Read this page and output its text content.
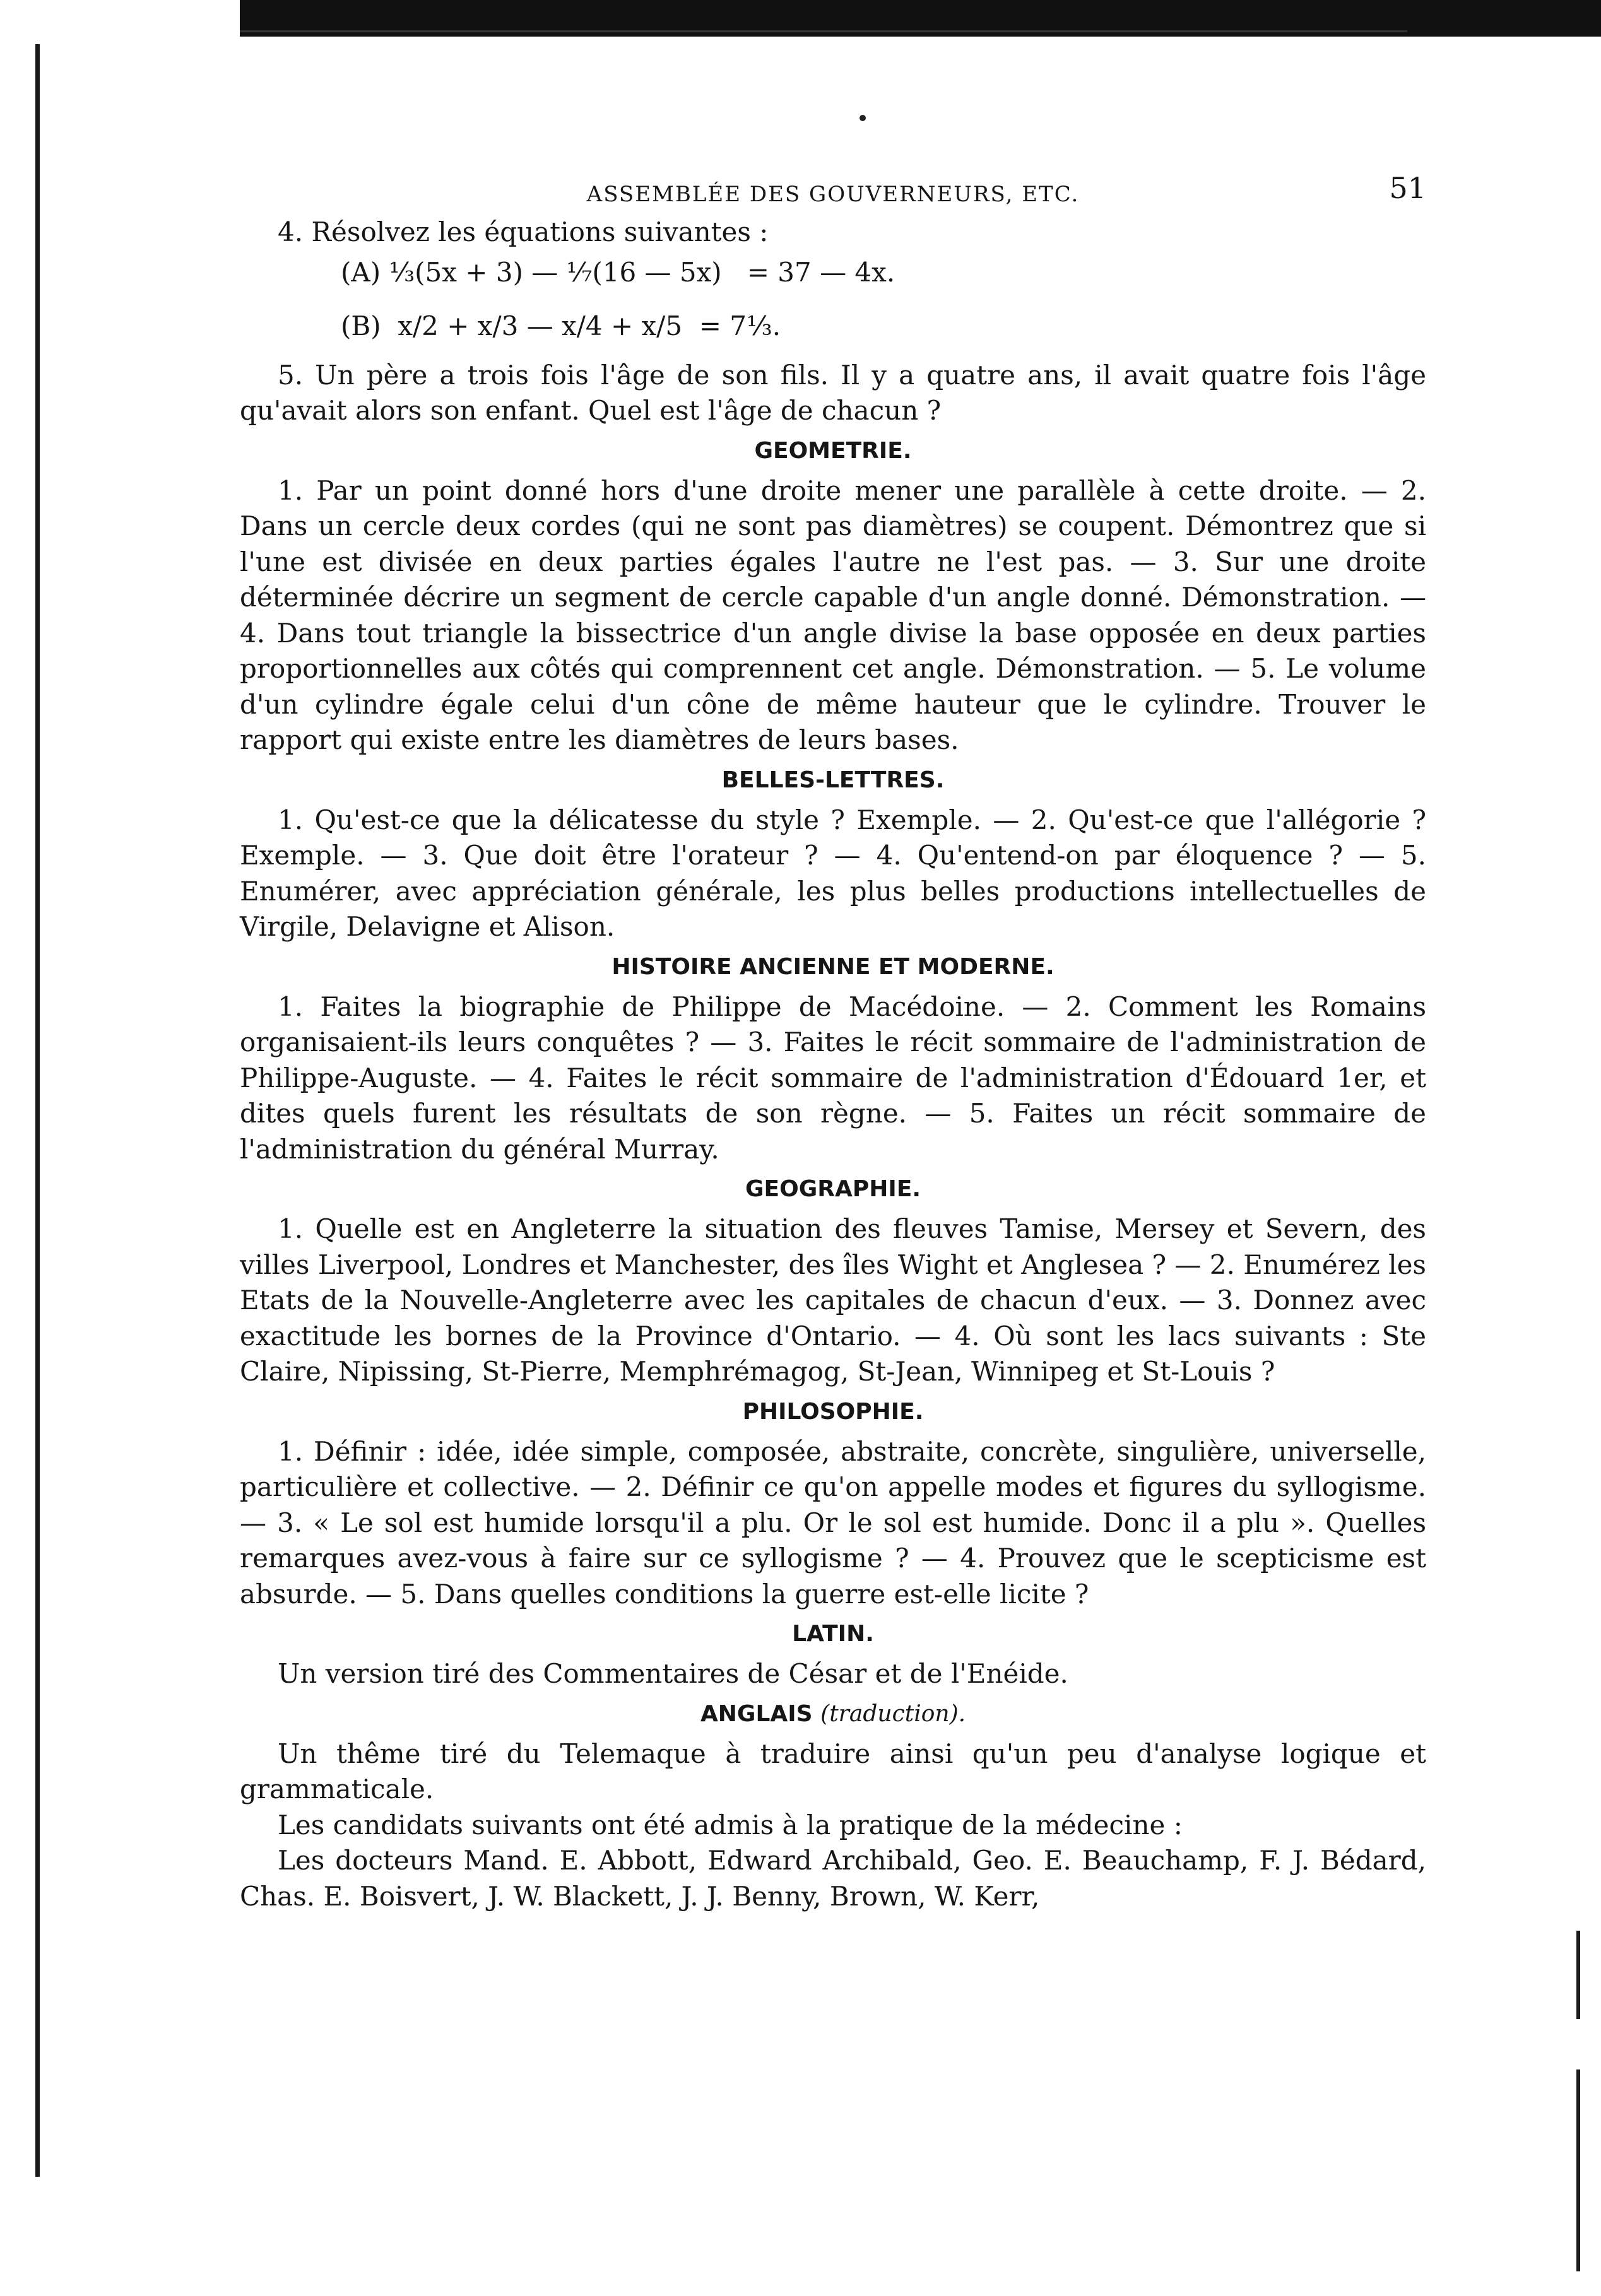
ASSEMBLÉE DES GOUVERNEURS, ETC.	51

4. Résolvez les équations suivantes :

(A) ⅓(5x + 3) — ⅐(16 — 5x)   = 37 — 4x.
(B)  x/2 + x/3 — x/4 + x/5  = 7⅓.

5. Un père a trois fois l'âge de son fils. Il y a quatre ans, il avait quatre fois l'âge qu'avait alors son enfant. Quel est l'âge de chacun ?

GEOMETRIE.

1. Par un point donné hors d'une droite mener une parallèle à cette droite. — 2. Dans un cercle deux cordes (qui ne sont pas diamètres) se coupent. Démontrez que si l'une est divisée en deux parties égales l'autre ne l'est pas. — 3. Sur une droite déterminée décrire un segment de cercle capable d'un angle donné. Démonstration. — 4. Dans tout triangle la bissectrice d'un angle divise la base opposée en deux parties proportionnelles aux côtés qui comprennent cet angle. Démonstration. — 5. Le volume d'un cylindre égale celui d'un cône de même hauteur que le cylindre. Trouver le rapport qui existe entre les diamètres de leurs bases.

BELLES-LETTRES.

1. Qu'est-ce que la délicatesse du style ? Exemple. — 2. Qu'est-ce que l'allégorie ? Exemple. — 3. Que doit être l'orateur ? — 4. Qu'entend-on par éloquence ? — 5. Enumérer, avec appréciation générale, les plus belles productions intellectuelles de Virgile, Delavigne et Alison.

HISTOIRE ANCIENNE ET MODERNE.

1. Faites la biographie de Philippe de Macédoine. — 2. Comment les Romains organisaient-ils leurs conquêtes ? — 3. Faites le récit sommaire de l'administration de Philippe-Auguste. — 4. Faites le récit sommaire de l'administration d'Édouard 1er, et dites quels furent les résultats de son règne. — 5. Faites un récit sommaire de l'administration du général Murray.

GEOGRAPHIE.

1. Quelle est en Angleterre la situation des fleuves Tamise, Mersey et Severn, des villes Liverpool, Londres et Manchester, des îles Wight et Anglesea ? — 2. Enumérez les Etats de la Nouvelle-Angleterre avec les capitales de chacun d'eux. — 3. Donnez avec exactitude les bornes de la Province d'Ontario. — 4. Où sont les lacs suivants : Ste Claire, Nipissing, St-Pierre, Memphrémagog, St-Jean, Winnipeg et St-Louis ?

PHILOSOPHIE.

1. Définir : idée, idée simple, composée, abstraite, concrète, singulière, universelle, particulière et collective. — 2. Définir ce qu'on appelle modes et figures du syllogisme. — 3. « Le sol est humide lorsqu'il a plu. Or le sol est humide. Donc il a plu ». Quelles remarques avez-vous à faire sur ce syllogisme ? — 4. Prouvez que le scepticisme est absurde. — 5. Dans quelles conditions la guerre est-elle licite ?

LATIN.

Un version tiré des Commentaires de César et de l'Enéide.

ANGLAIS (traduction).

Un thême tiré du Telemaque à traduire ainsi qu'un peu d'analyse logique et grammaticale.

Les candidats suivants ont été admis à la pratique de la médecine :

Les docteurs Mand. E. Abbott, Edward Archibald, Geo. E. Beauchamp, F. J. Bédard, Chas. E. Boisvert, J. W. Blackett, J. J. Benny, Brown, W. Kerr,
